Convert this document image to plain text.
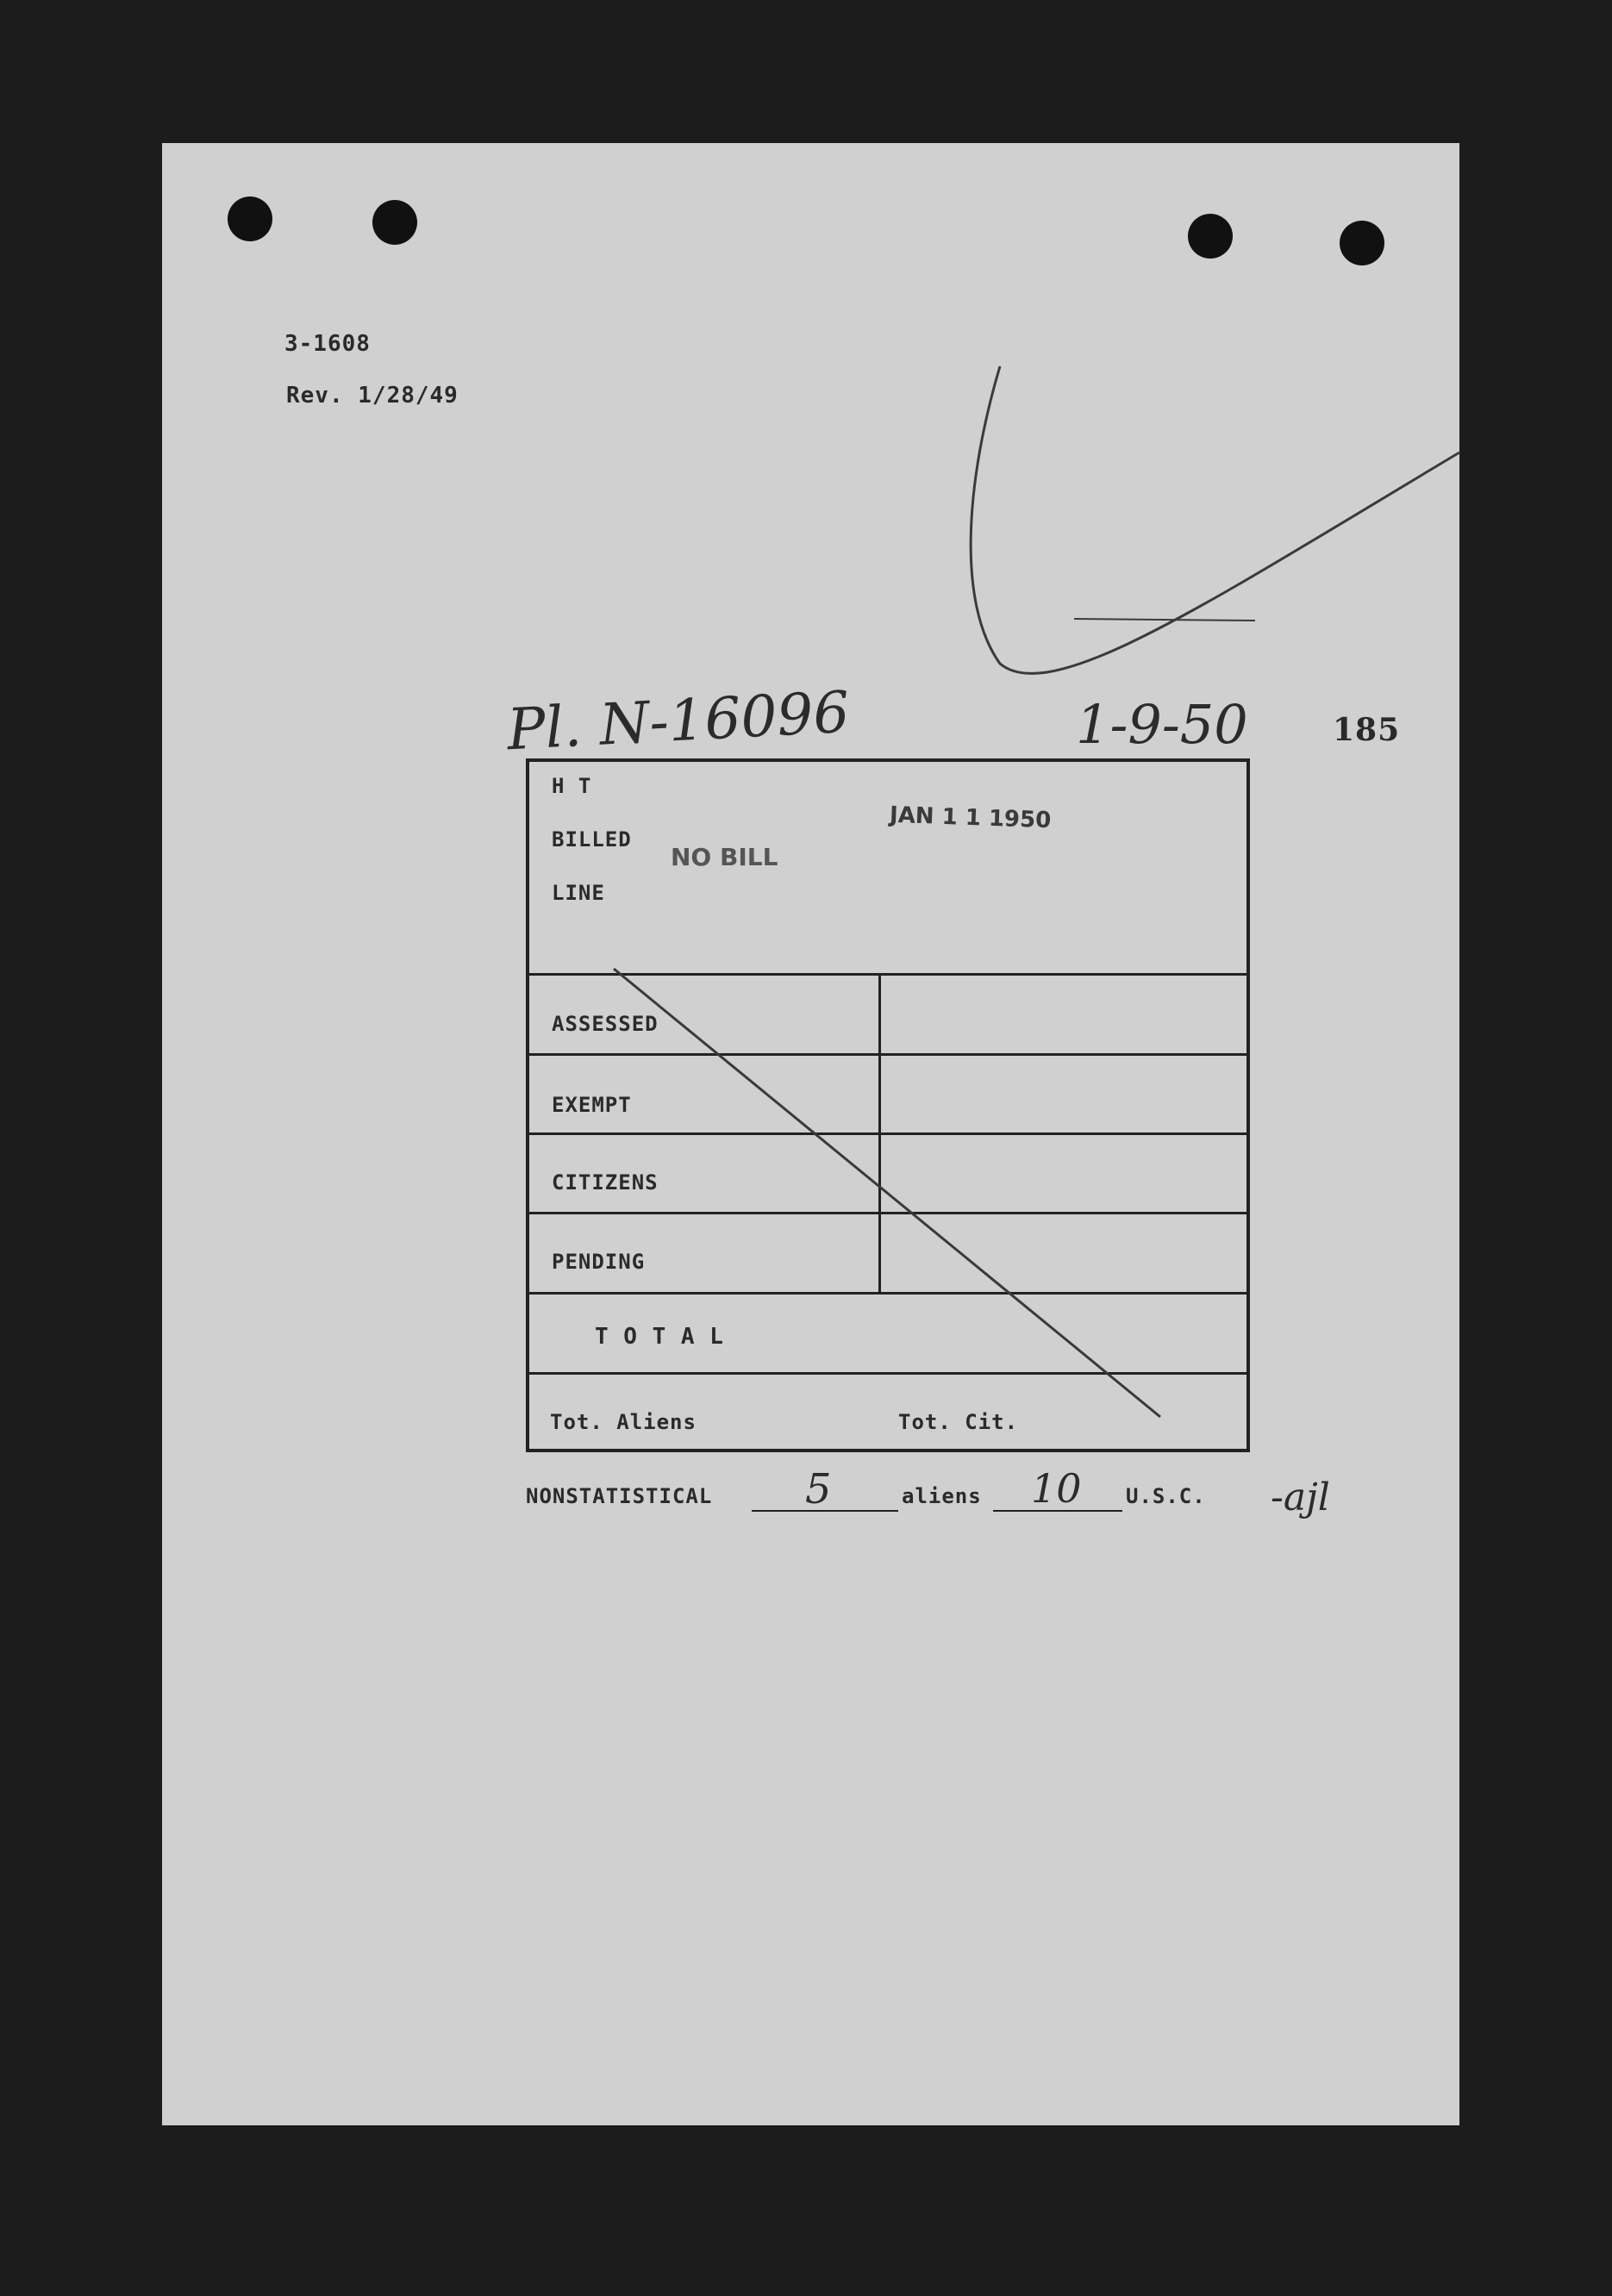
3-1608
Rev. 1/28/49
Pl. N-16096	1-9-50	185
H T
BILLED
NO BILL
JAN 1 1 1950
LINE
ASSESSED
EXEMPT
CITIZENS
PENDING
T O T A L
Tot. Aliens	Tot. Cit.
NONSTATISTICAL 5	aliens 10 U.S.C. -ajl
